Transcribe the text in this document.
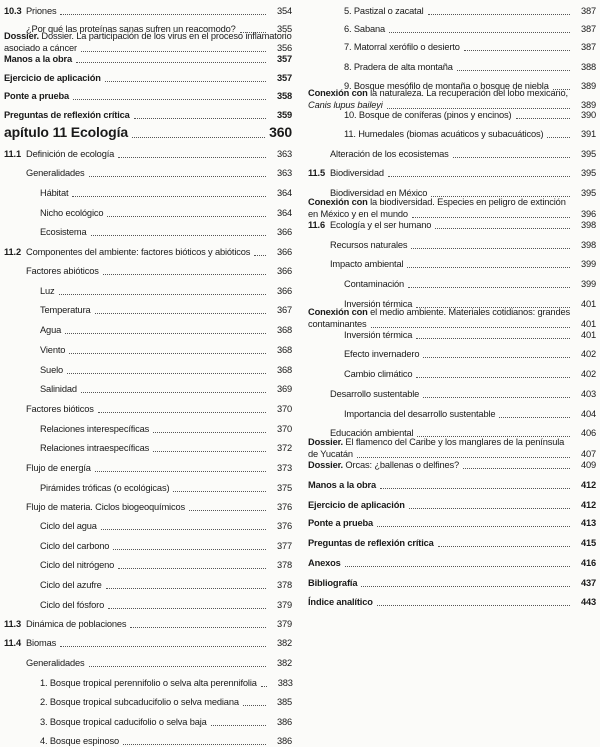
10.3 Priones	354
¿Por qué las proteínas sanas sufren un reacomodo?	355
Dossier. Dossier. La participación de los virus en el proceso inflamatorio
asociado a cáncer	356
Manos a la obra	357
Ejercicio de aplicación	357
Ponte a prueba	358
Preguntas de reflexión crítica	359
apítulo 11 Ecología	360
11.1 Definición de ecología	363
Generalidades	363
Hábitat	364
Nicho ecológico	364
Ecosistema	366
11.2 Componentes del ambiente: factores bióticos y abióticos	366
Factores abióticos	366
Luz	366
Temperatura	367
Agua	368
Viento	368
Suelo	368
Salinidad	369
Factores bióticos	370
Relaciones interespecíficas	370
Relaciones intraespecíficas	372
Flujo de energía	373
Pirámides tróficas (o ecológicas)	375
Flujo de materia. Ciclos biogeoquímicos	376
Ciclo del agua	376
Ciclo del carbono	377
Ciclo del nitrógeno	378
Ciclo del azufre	378
Ciclo del fósforo	379
11.3 Dinámica de poblaciones	379
11.4 Biomas	382
Generalidades	382
1. Bosque tropical perennifolio o selva alta perennifolia	383
2. Bosque tropical subcaducifolio o selva mediana	385
3. Bosque tropical caducifolio o selva baja	386
4. Bosque espinoso	386
5. Pastizal o zacatal	387
6. Sabana	387
7. Matorral xerófilo o desierto	387
8. Pradera de alta montaña	388
9. Bosque mesófilo de montaña o bosque de niebla	389
Conexión con la naturaleza. La recuperación del lobo mexicano,
Canis lupus baileyi	389
10. Bosque de coníferas (pinos y encinos)	390
11. Humedales (biomas acuáticos y subacuáticos)	391
Alteración de los ecosistemas	395
11.5 Biodiversidad	395
Biodiversidad en México	395
Conexión con la biodiversidad. Especies en peligro de extinción
en México y en el mundo	396
11.6 Ecología y el ser humano	398
Recursos naturales	398
Impacto ambiental	399
Contaminación	399
Inversión térmica	401
Conexión con el medio ambiente. Materiales cotidianos: grandes
contaminantes	401
Inversión térmica	401
Efecto invernadero	402
Cambio climático	402
Desarrollo sustentable	403
Importancia del desarrollo sustentable	404
Educación ambiental	406
Dossier. El flamenco del Caribe y los manglares de la península
de Yucatán	407
Dossier. Orcas: ¿ballenas o delfines?	409
Manos a la obra	412
Ejercicio de aplicación	412
Ponte a prueba	413
Preguntas de reflexión crítica	415
Anexos	416
Bibliografía	437
Índice analítico	443
